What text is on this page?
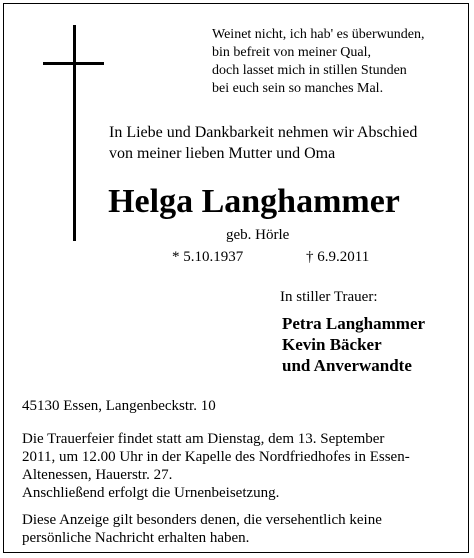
Weinet nicht, ich hab' es überwunden,
bin befreit von meiner Qual,
doch lasset mich in stillen Stunden
bei euch sein so manches Mal.
In Liebe und Dankbarkeit nehmen wir Abschied
von meiner lieben Mutter und Oma
Helga Langhammer
geb. Hörle
* 5.10.1937	† 6.9.2011
In stiller Trauer:
Petra Langhammer
Kevin Bäcker
und Anverwandte
45130 Essen, Langenbeckstr. 10
Die Trauerfeier findet statt am Dienstag, dem 13. September
2011, um 12.00 Uhr in der Kapelle des Nordfriedhofes in Essen-
Altenessen, Hauerstr. 27.
Anschließend erfolgt die Urnenbeisetzung.
Diese Anzeige gilt besonders denen, die versehentlich keine
persönliche Nachricht erhalten haben.
